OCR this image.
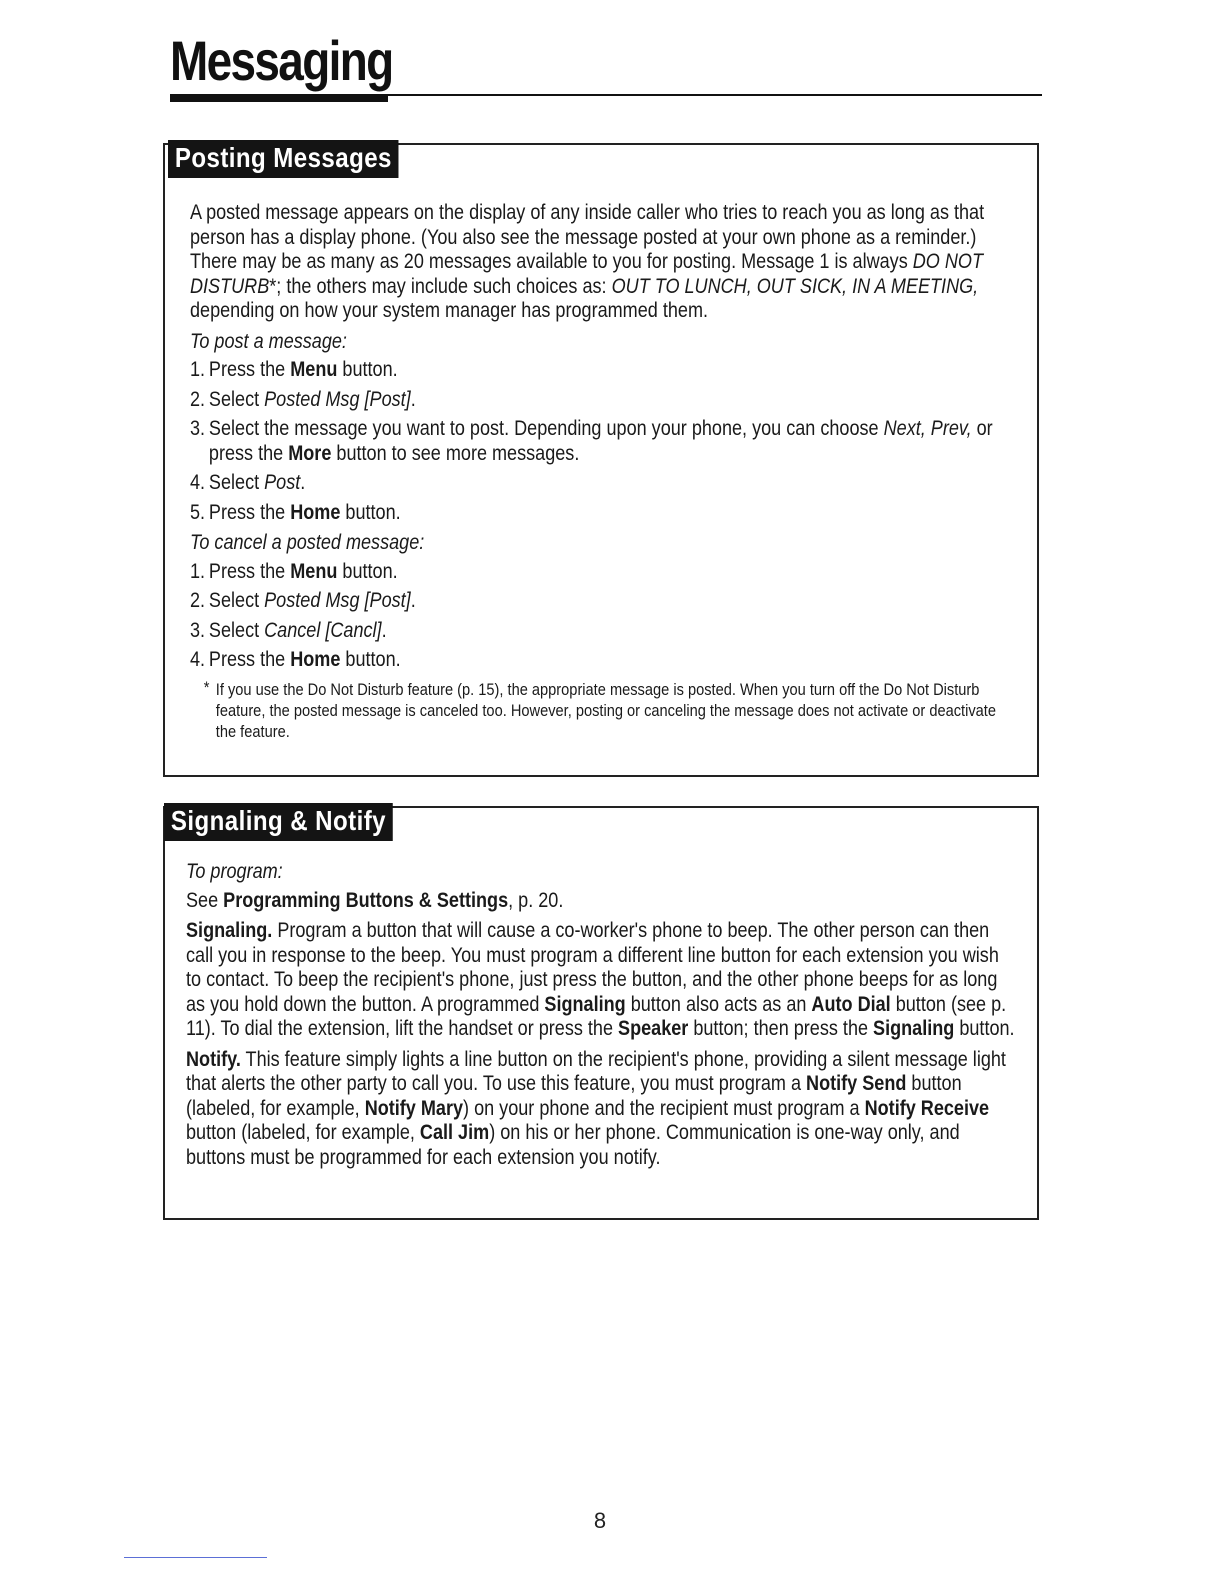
Messaging
Posting Messages

A posted message appears on the display of any inside caller who tries to reach you as long as that person has a display phone. (You also see the message posted at your own phone as a reminder.) There may be as many as 20 messages available to you for posting. Message 1 is always DO NOT DISTURB*; the others may include such choices as: OUT TO LUNCH, OUT SICK, IN A MEETING, depending on how your system manager has programmed them.

To post a message:

1. Press the Menu button.
2. Select Posted Msg [Post].
3. Select the message you want to post. Depending upon your phone, you can choose Next, Prev, or press the More button to see more messages.
4. Select Post.
5. Press the Home button.

To cancel a posted message:

1. Press the Menu button.
2. Select Posted Msg [Post].
3. Select Cancel [Cancl].
4. Press the Home button.

* If you use the Do Not Disturb feature (p. 15), the appropriate message is posted. When you turn off the Do Not Disturb feature, the posted message is canceled too. However, posting or canceling the message does not activate or deactivate the feature.

Signaling & Notify

To program:

See Programming Buttons & Settings, p. 20.

Signaling. Program a button that will cause a co-worker's phone to beep. The other person can then call you in response to the beep. You must program a different line button for each extension you wish to contact. To beep the recipient's phone, just press the button, and the other phone beeps for as long as you hold down the button. A programmed Signaling button also acts as an Auto Dial button (see p. 11). To dial the extension, lift the handset or press the Speaker button; then press the Signaling button.

Notify. This feature simply lights a line button on the recipient's phone, providing a silent message light that alerts the other party to call you. To use this feature, you must program a Notify Send button (labeled, for example, Notify Mary) on your phone and the recipient must program a Notify Receive button (labeled, for example, Call Jim) on his or her phone. Communication is one-way only, and buttons must be programmed for each extension you notify.

8
